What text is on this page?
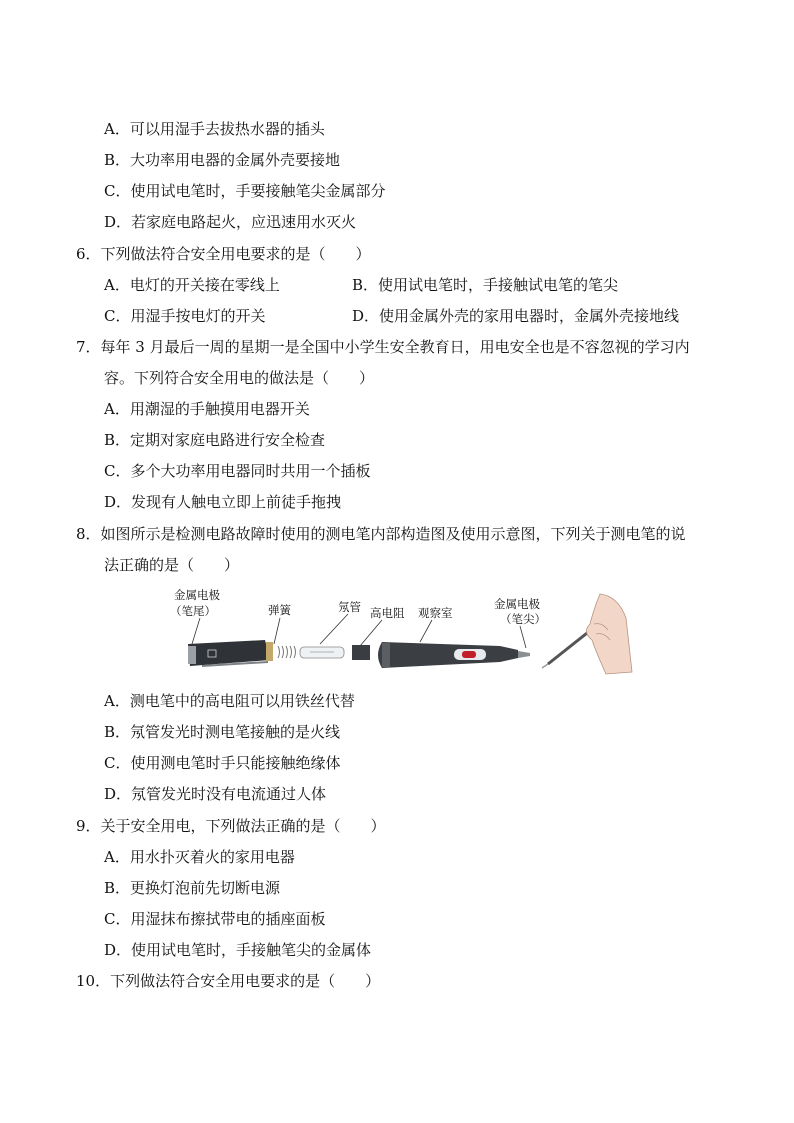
A．可以用湿手去拔热水器的插头
B．大功率用电器的金属外壳要接地
C．使用试电笔时，手要接触笔尖金属部分
D．若家庭电路起火，应迅速用水灭火
6．下列做法符合安全用电要求的是（　　）
A．电灯的开关接在零线上	B．使用试电笔时，手接触试电笔的笔尖
C．用湿手按电灯的开关	D．使用金属外壳的家用电器时，金属外壳接地线
7．每年 3 月最后一周的星期一是全国中小学生安全教育日，用电安全也是不容忽视的学习内
容。下列符合安全用电的做法是（　　）
A．用潮湿的手触摸用电器开关
B．定期对家庭电路进行安全检查
C．多个大功率用电器同时共用一个插板
D．发现有人触电立即上前徒手拖拽
8．如图所示是检测电路故障时使用的测电笔内部构造图及使用示意图，下列关于测电笔的说
法正确的是（　　）
金属电极
（笔尾）	弹簧	氖管 高电阻 观察室
金属电极
（笔尖）
A．测电笔中的高电阻可以用铁丝代替
B．氖管发光时测电笔接触的是火线
C．使用测电笔时手只能接触绝缘体
D．氖管发光时没有电流通过人体
9．关于安全用电，下列做法正确的是（　　）
A．用水扑灭着火的家用电器
B．更换灯泡前先切断电源
C．用湿抹布擦拭带电的插座面板
D．使用试电笔时，手接触笔尖的金属体
10．下列做法符合安全用电要求的是（　　）
